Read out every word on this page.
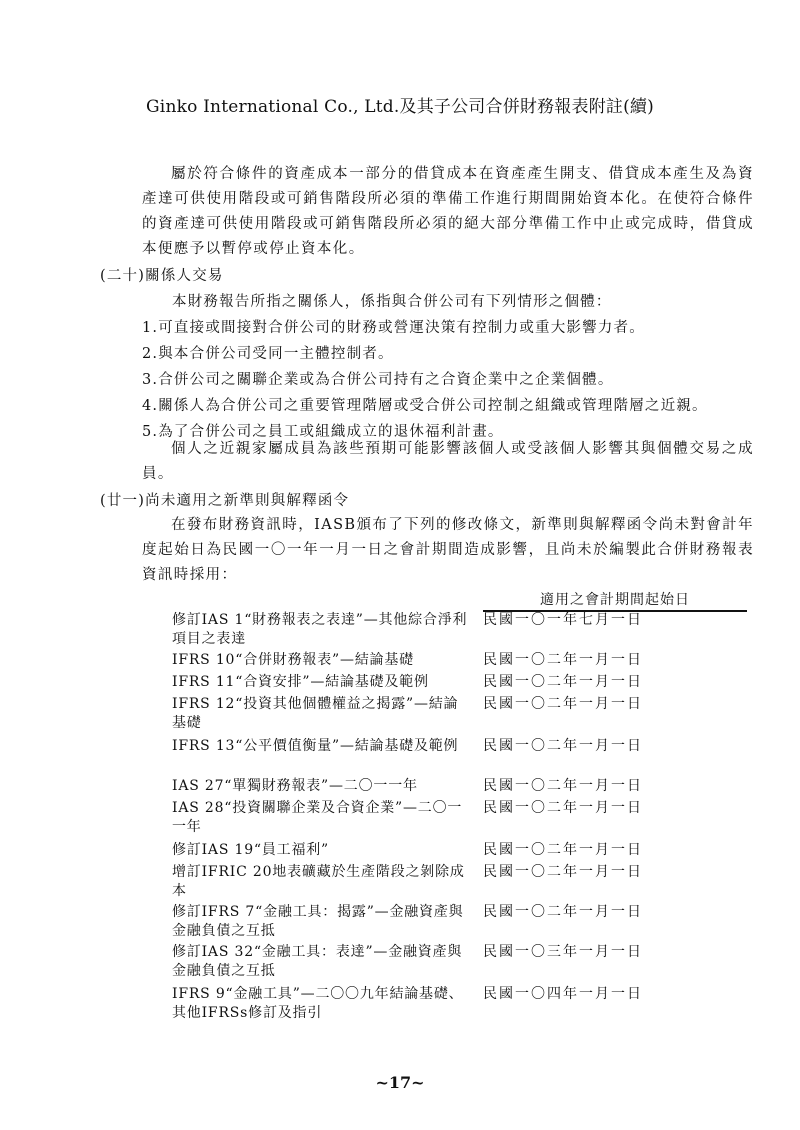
Ginko International Co., Ltd.及其子公司合併財務報表附註(續)

屬於符合條件的資產成本一部分的借貸成本在資產產生開支、借貸成本產生及為資產達可供使用階段或可銷售階段所必須的準備工作進行期間開始資本化。在使符合條件的資產達可供使用階段或可銷售階段所必須的絕大部分準備工作中止或完成時，借貸成本便應予以暫停或停止資本化。

(二十)關係人交易
本財務報告所指之關係人，係指與合併公司有下列情形之個體：
1.可直接或間接對合併公司的財務或營運決策有控制力或重大影響力者。
2.與本合併公司受同一主體控制者。
3.合併公司之關聯企業或為合併公司持有之合資企業中之企業個體。
4.關係人為合併公司之重要管理階層或受合併公司控制之組織或管理階層之近親。
5.為了合併公司之員工或組織成立的退休福利計畫。

個人之近親家屬成員為該些預期可能影響該個人或受該個人影響其與個體交易之成員。

(廿一)尚未適用之新準則與解釋函令

在發布財務資訊時，IASB頒布了下列的修改條文，新準則與解釋函令尚未對會計年度起始日為民國一〇一年一月一日之會計期間造成影響，且尚未於編製此合併財務報表資訊時採用：

適用之會計期間起始日
修訂IAS 1“財務報表之表達”—其他綜合淨利項目之表達
民國一〇一年七月一日
IFRS 10“合併財務報表”—結論基礎	民國一〇二年一月一日
IFRS 11“合資安排”—結論基礎及範例	民國一〇二年一月一日
IFRS 12“投資其他個體權益之揭露”—結論基礎
民國一〇二年一月一日
IFRS 13“公平價值衡量”—結論基礎及範例	民國一〇二年一月一日
IAS 27“單獨財務報表”—二〇一一年	民國一〇二年一月一日
IAS 28“投資關聯企業及合資企業”—二〇一一年
民國一〇二年一月一日
修訂IAS 19“員工福利”	民國一〇二年一月一日
增訂IFRIC 20地表礦藏於生產階段之剝除成本
民國一〇二年一月一日
修訂IFRS 7“金融工具：揭露”—金融資產與金融負債之互抵
民國一〇二年一月一日
修訂IAS 32“金融工具：表達”—金融資產與金融負債之互抵
民國一〇三年一月一日
IFRS 9“金融工具”—二〇〇九年結論基礎、其他IFRSs修訂及指引
民國一〇四年一月一日
~17~
